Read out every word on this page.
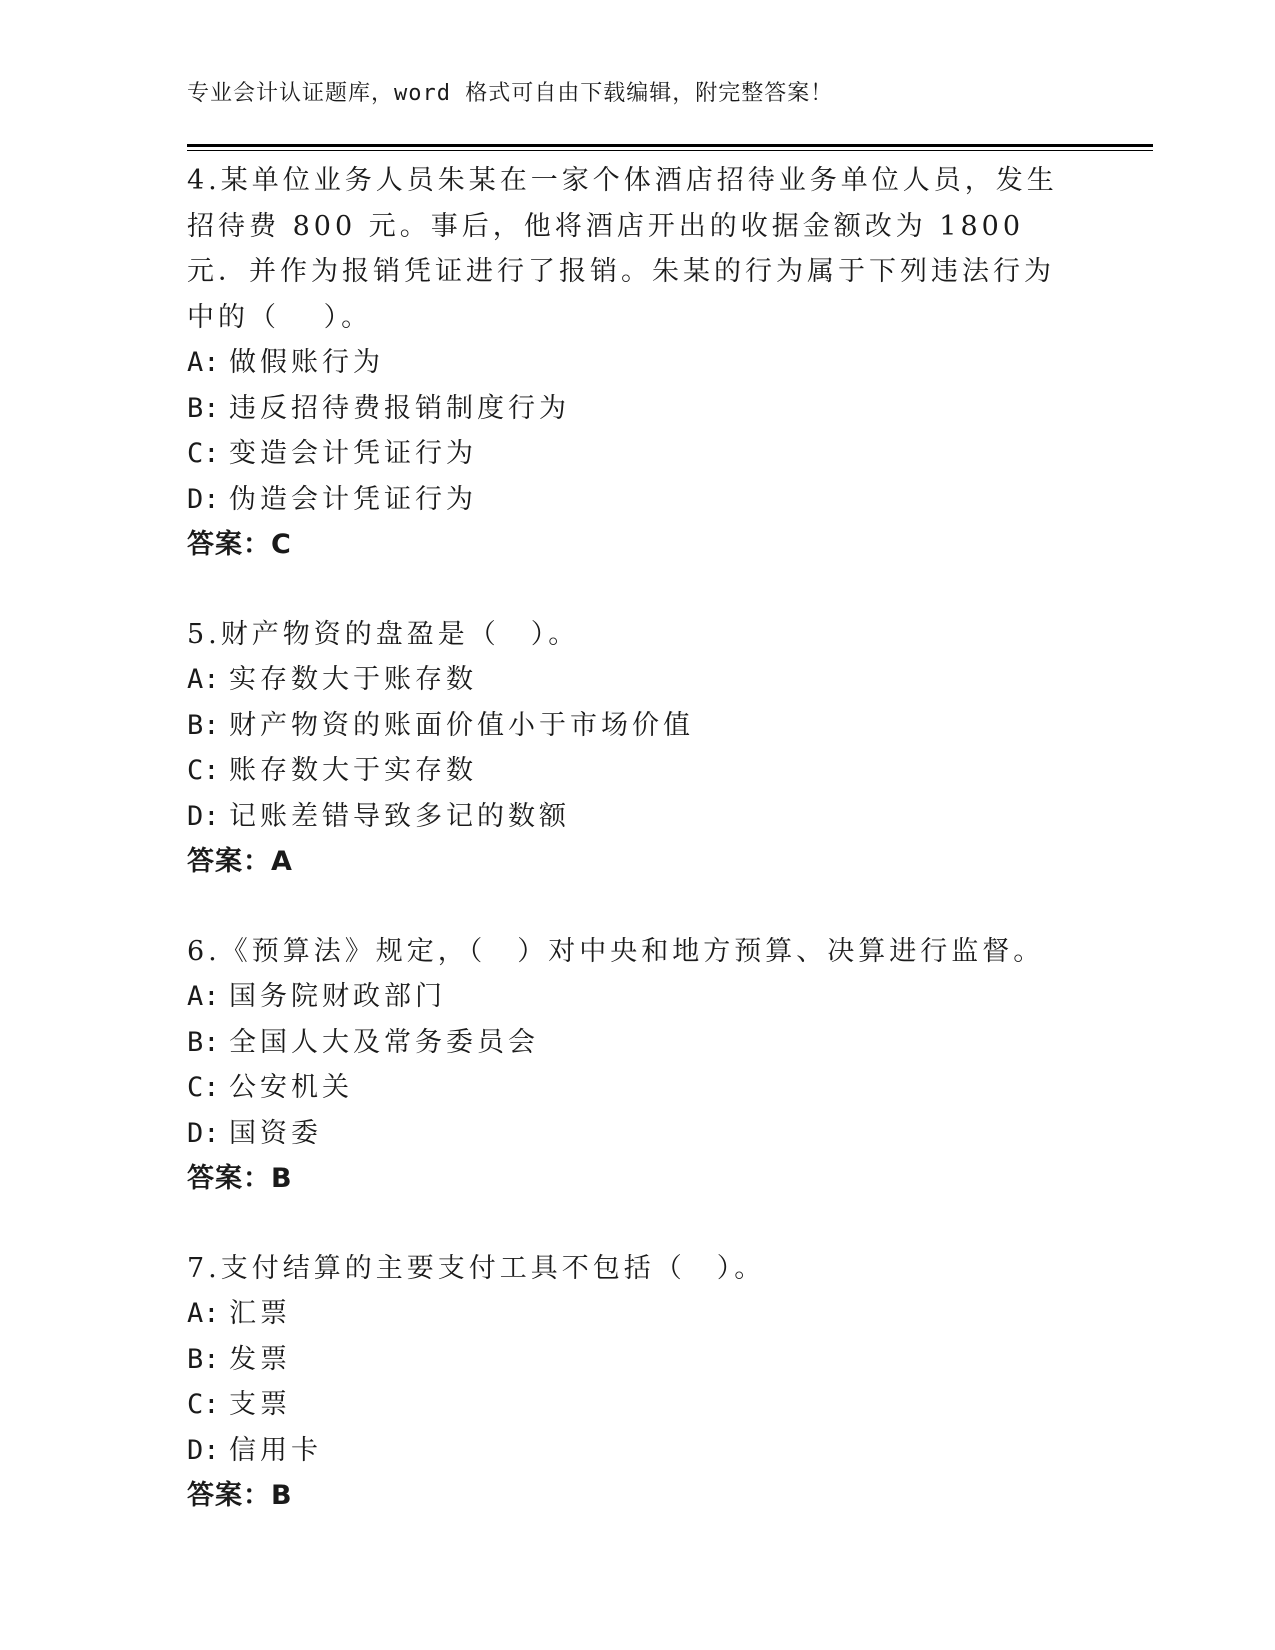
专业会计认证题库，word 格式可自由下载编辑，附完整答案！

4.某单位业务人员朱某在一家个体酒店招待业务单位人员，发生招待费 800 元。事后，他将酒店开出的收据金额改为 1800 元．并作为报销凭证进行了报销。朱某的行为属于下列违法行为中的（　 ）。

A: 做假账行为

B: 违反招待费报销制度行为

C: 变造会计凭证行为

D: 伪造会计凭证行为

答案：C

5.财产物资的盘盈是（　）。

A: 实存数大于账存数

B: 财产物资的账面价值小于市场价值

C: 账存数大于实存数

D: 记账差错导致多记的数额

答案：A

6.《预算法》规定，（　）对中央和地方预算、决算进行监督。

A: 国务院财政部门

B: 全国人大及常务委员会

C: 公安机关

D: 国资委

答案：B

7.支付结算的主要支付工具不包括（　）。

A: 汇票

B: 发票

C: 支票

D: 信用卡

答案：B
